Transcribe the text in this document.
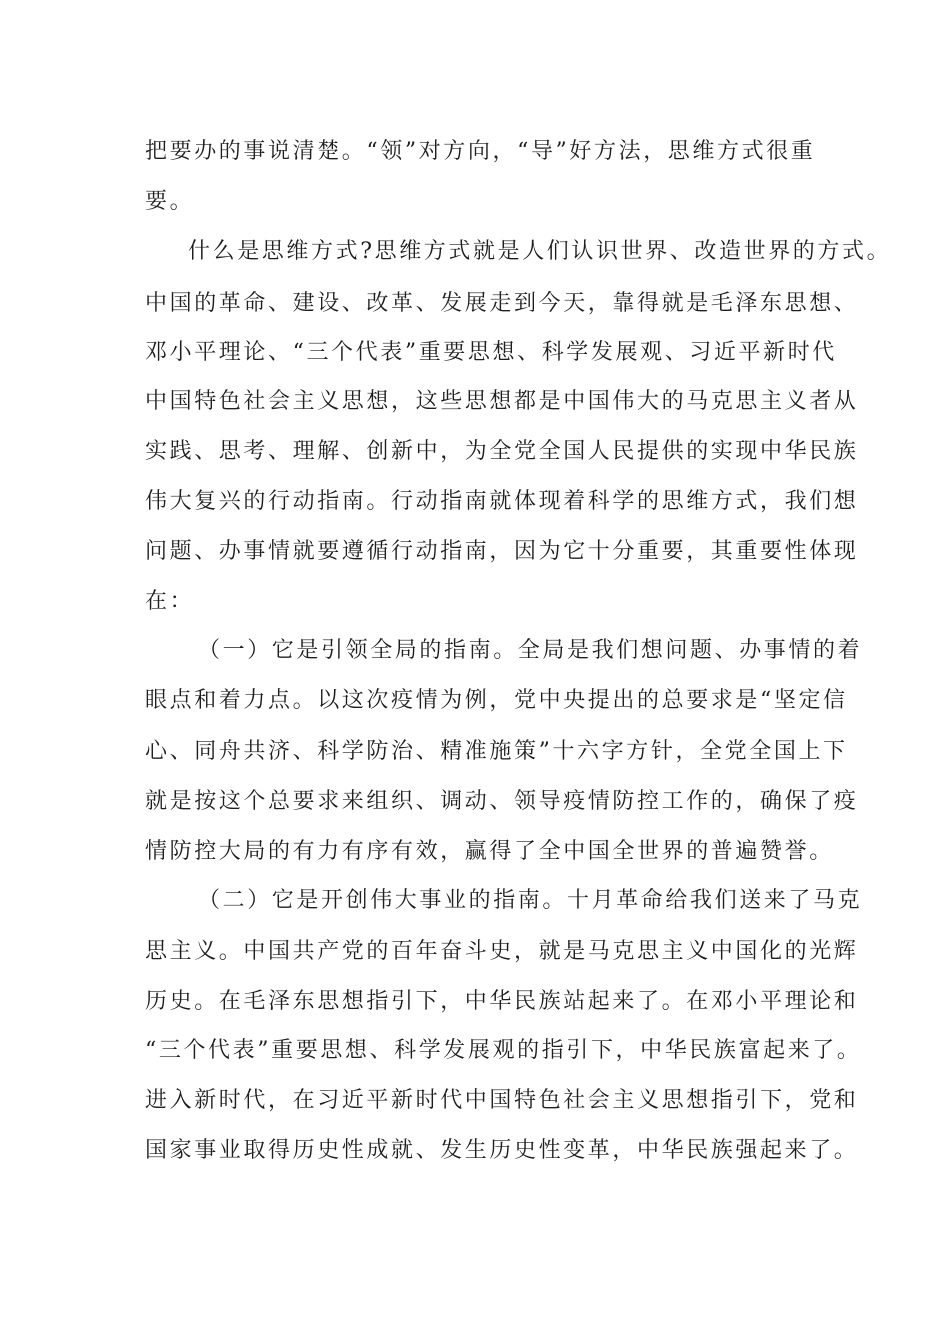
把要办的事说清楚。“领”对方向，“导”好方法，思维方式很重

要。

什么是思维方式?思维方式就是人们认识世界、改造世界的方式。

中国的革命、建设、改革、发展走到今天，靠得就是毛泽东思想、

邓小平理论、“三个代表”重要思想、科学发展观、习近平新时代

中国特色社会主义思想，这些思想都是中国伟大的马克思主义者从

实践、思考、理解、创新中，为全党全国人民提供的实现中华民族

伟大复兴的行动指南。行动指南就体现着科学的思维方式，我们想

问题、办事情就要遵循行动指南，因为它十分重要，其重要性体现

在：

（一）它是引领全局的指南。全局是我们想问题、办事情的着

眼点和着力点。以这次疫情为例，党中央提出的总要求是“坚定信

心、同舟共济、科学防治、精准施策”十六字方针，全党全国上下

就是按这个总要求来组织、调动、领导疫情防控工作的，确保了疫

情防控大局的有力有序有效，赢得了全中国全世界的普遍赞誉。

（二）它是开创伟大事业的指南。十月革命给我们送来了马克

思主义。中国共产党的百年奋斗史，就是马克思主义中国化的光辉

历史。在毛泽东思想指引下，中华民族站起来了。在邓小平理论和

“三个代表”重要思想、科学发展观的指引下，中华民族富起来了。

进入新时代，在习近平新时代中国特色社会主义思想指引下，党和

国家事业取得历史性成就、发生历史性变革，中华民族强起来了。
